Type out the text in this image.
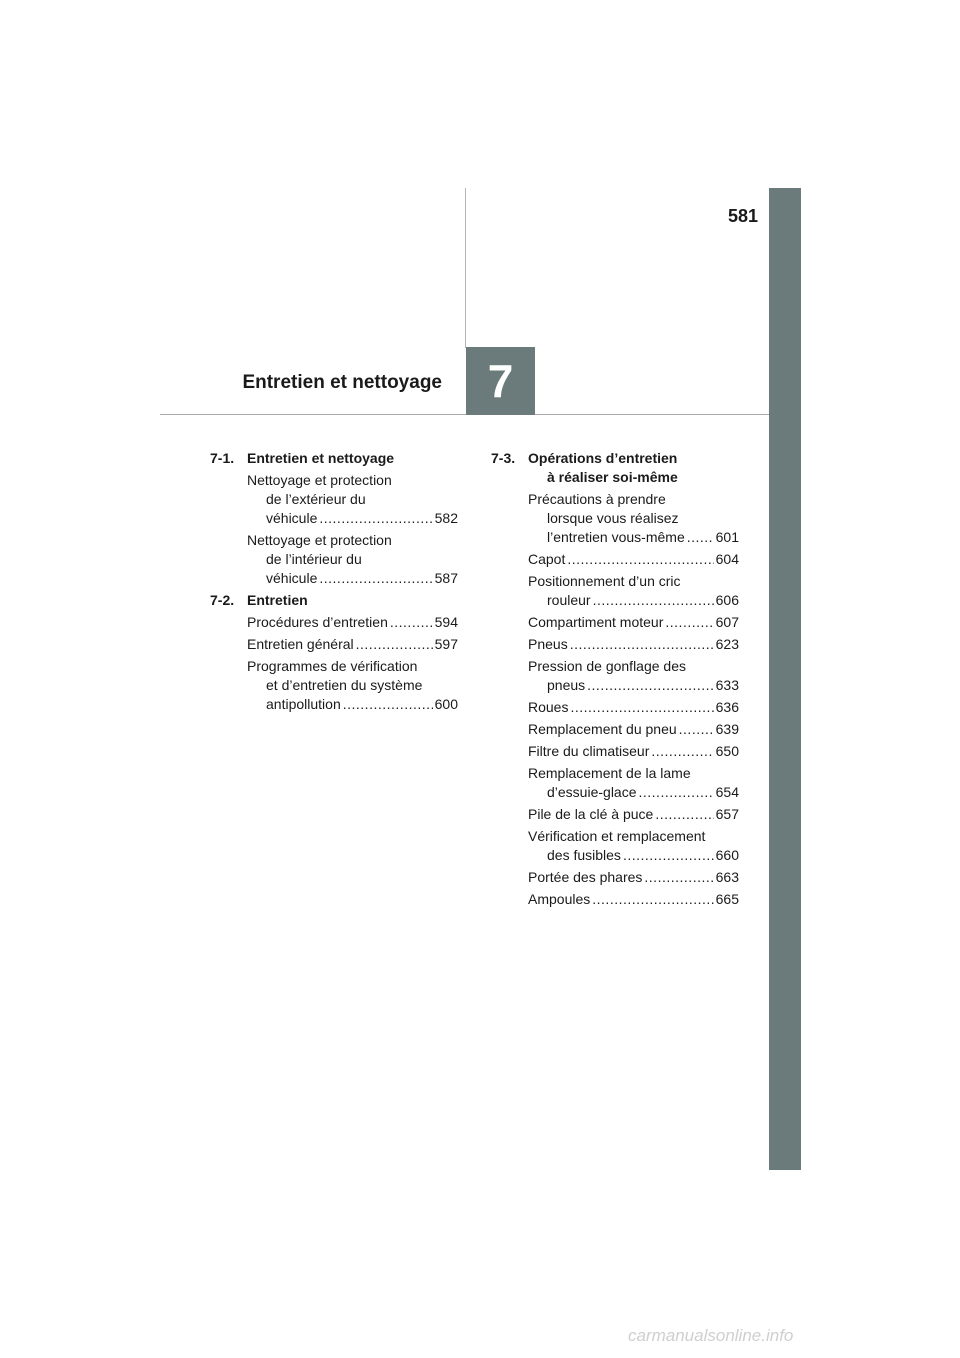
581
Entretien et nettoyage 7
7-1. Entretien et nettoyage
Nettoyage et protection
de l’extérieur du
véhicule .....	582
Nettoyage et protection
de l’intérieur du
véhicule .....	587
7-2. Entretien
Procédures d’entretien .....	594
Entretien général .....	597
Programmes de vérification
et d’entretien du système
antipollution .....	600
7-3. Opérations d’entretien
à réaliser soi-même
Précautions à prendre
lorsque vous réalisez
l’entretien vous-même ..... 601
Capot .....	604
Positionnement d’un cric
rouleur .....	606
Compartiment moteur .....	607
Pneus .....	623
Pression de gonflage des
pneus .....	633
Roues .....	636
Remplacement du pneu .....	639
Filtre du climatiseur .....	650
Remplacement de la lame
d’essuie-glace .....	654
Pile de la clé à puce .....	657
Vérification et remplacement
des fusibles .....	660
Portée des phares .....	663
Ampoules .....	665
carmanualsonline.info
